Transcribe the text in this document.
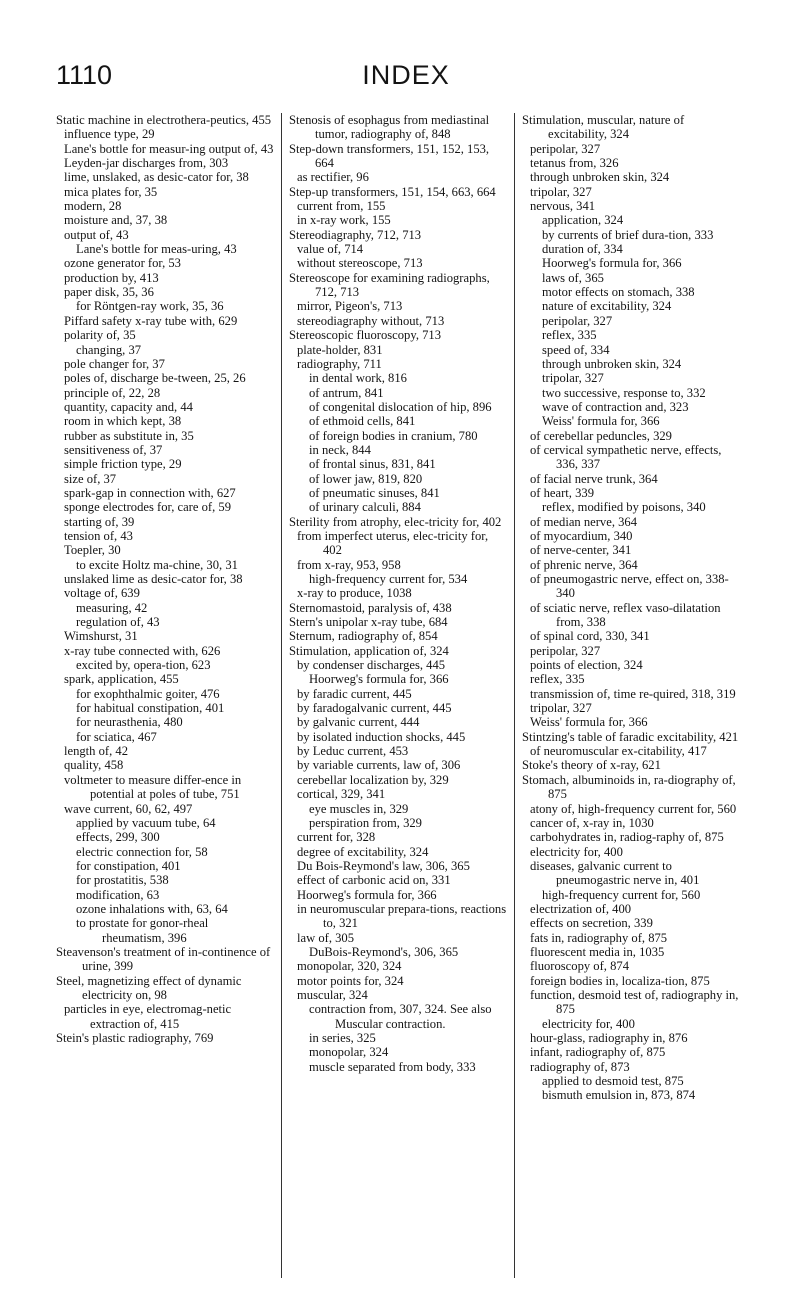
1110	INDEX
Static machine in electrothera-peutics, 455
influence type, 29
Lane's bottle for measur-ing output of, 43
Leyden-jar discharges from, 303
lime, unslaked, as desic-cator for, 38
mica plates for, 35
modern, 28
moisture and, 37, 38
output of, 43
Lane's bottle for meas-uring, 43
ozone generator for, 53
production by, 413
paper disk, 35, 36
for Röntgen-ray work, 35, 36
Piffard safety x-ray tube with, 629
polarity of, 35
changing, 37
pole changer for, 37
poles of, discharge be-tween, 25, 26
principle of, 22, 28
quantity, capacity and, 44
room in which kept, 38
rubber as substitute in, 35
sensitiveness of, 37
simple friction type, 29
size of, 37
spark-gap in connection with, 627
sponge electrodes for, care of, 59
starting of, 39
tension of, 43
Toepler, 30
to excite Holtz ma-chine, 30, 31
unslaked lime as desic-cator for, 38
voltage of, 639
measuring, 42
regulation of, 43
Wimshurst, 31
x-ray tube connected with, 626
excited by, opera-tion, 623
spark, application, 455
for exophthalmic goiter, 476
for habitual constipation, 401
for neurasthenia, 480
for sciatica, 467
length of, 42
quality, 458
voltmeter to measure differ-ence in potential at poles of tube, 751
wave current, 60, 62, 497
applied by vacuum tube, 64
effects, 299, 300
electric connection for, 58
for constipation, 401
for prostatitis, 538
modification, 63
ozone inhalations with, 63, 64
to prostate for gonor-rheal rheumatism, 396
Steavenson's treatment of in-continence of urine, 399
Steel, magnetizing effect of dynamic electricity on, 98
particles in eye, electromag-netic extraction of, 415
Stein's plastic radiography, 769
Stenosis of esophagus from mediastinal tumor, radiography of, 848
Step-down transformers, 151, 152, 153, 664
as rectifier, 96
Step-up transformers, 151, 154, 663, 664
current from, 155
in x-ray work, 155
Stereodiagraphy, 712, 713
value of, 714
without stereoscope, 713
Stereoscope for examining radiographs, 712, 713
mirror, Pigeon's, 713
stereodiagraphy without, 713
Stereoscopic fluoroscopy, 713
plate-holder, 831
radiography, 711
in dental work, 816
of antrum, 841
of congenital dislocation of hip, 896
of ethmoid cells, 841
of foreign bodies in cranium, 780
in neck, 844
of frontal sinus, 831, 841
of lower jaw, 819, 820
of pneumatic sinuses, 841
of urinary calculi, 884
Sterility from atrophy, elec-tricity for, 402
from imperfect uterus, elec-tricity for, 402
from x-ray, 953, 958
high-frequency current for, 534
x-ray to produce, 1038
Sternomastoid, paralysis of, 438
Stern's unipolar x-ray tube, 684
Sternum, radiography of, 854
Stimulation, application of, 324
by condenser discharges, 445
Hoorweg's formula for, 366
by faradic current, 445
by faradogalvanic current, 445
by galvanic current, 444
by isolated induction shocks, 445
by Leduc current, 453
by variable currents, law of, 306
cerebellar localization by, 329
cortical, 329, 341
eye muscles in, 329
perspiration from, 329
current for, 328
degree of excitability, 324
Du Bois-Reymond's law, 306, 365
effect of carbonic acid on, 331
Hoorweg's formula for, 366
in neuromuscular prepara-tions, reactions to, 321
law of, 305
DuBois-Reymond's, 306, 365
monopolar, 320, 324
motor points for, 324
muscular, 324
contraction from, 307, 324. See also Muscular contraction.
in series, 325
monopolar, 324
muscle separated from body, 333
Stimulation, muscular, nature of excitability, 324
peripolar, 327
tetanus from, 326
through unbroken skin, 324
tripolar, 327
nervous, 341
application, 324
by currents of brief dura-tion, 333
duration of, 334
Hoorweg's formula for, 366
laws of, 365
motor effects on stomach, 338
nature of excitability, 324
peripolar, 327
reflex, 335
speed of, 334
through unbroken skin, 324
tripolar, 327
two successive, response to, 332
wave of contraction and, 323
Weiss' formula for, 366
of cerebellar peduncles, 329
of cervical sympathetic nerve, effects, 336, 337
of facial nerve trunk, 364
of heart, 339
reflex, modified by poisons, 340
of median nerve, 364
of myocardium, 340
of nerve-center, 341
of phrenic nerve, 364
of pneumogastric nerve, effect on, 338-340
of sciatic nerve, reflex vaso-dilatation from, 338
of spinal cord, 330, 341
peripolar, 327
points of election, 324
reflex, 335
transmission of, time re-quired, 318, 319
tripolar, 327
Weiss' formula for, 366
Stintzing's table of faradic excitability, 421
of neuromuscular ex-citability, 417
Stoke's theory of x-ray, 621
Stomach, albuminoids in, ra-diography of, 875
atony of, high-frequency current for, 560
cancer of, x-ray in, 1030
carbohydrates in, radiog-raphy of, 875
electricity for, 400
diseases, galvanic current to pneumogastric nerve in, 401
high-frequency current for, 560
electrization of, 400
effects on secretion, 339
fats in, radiography of, 875
fluorescent media in, 1035
fluoroscopy of, 874
foreign bodies in, localiza-tion, 875
function, desmoid test of, radiography in, 875
electricity for, 400
hour-glass, radiography in, 876
infant, radiography of, 875
radiography of, 873
applied to desmoid test, 875
bismuth emulsion in, 873, 874
